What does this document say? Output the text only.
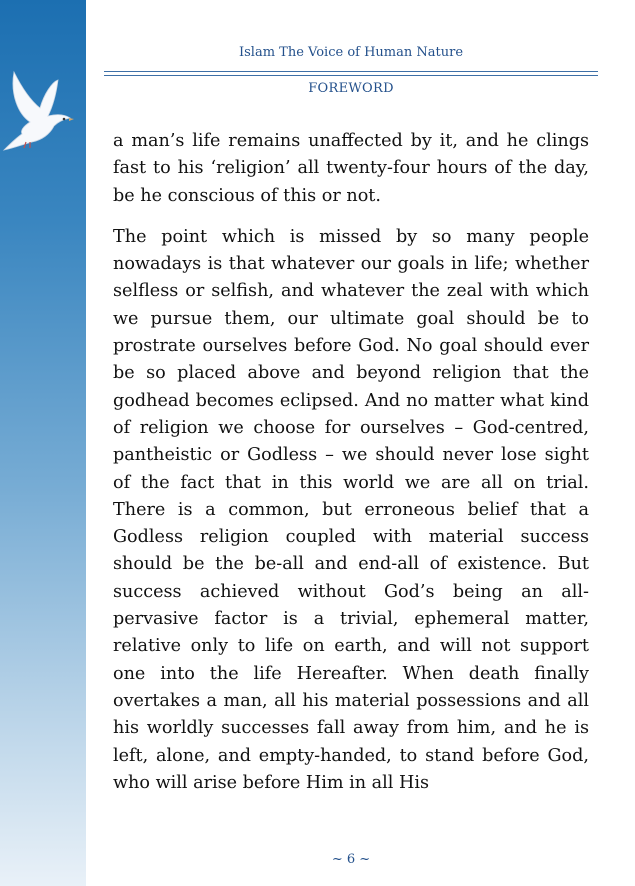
Islam The Voice of Human Nature
FOREWORD

a man’s life remains unaffected by it, and he clings fast to his ‘religion’ all twenty-four hours of the day, be he conscious of this or not.

The point which is missed by so many people nowadays is that whatever our goals in life; whether selfless or selfish, and whatever the zeal with which we pursue them, our ultimate goal should be to prostrate ourselves before God. No goal should ever be so placed above and beyond religion that the godhead becomes eclipsed. And no matter what kind of religion we choose for ourselves – God-centred, pantheistic or Godless – we should never lose sight of the fact that in this world we are all on trial. There is a common, but erroneous belief that a Godless religion coupled with material success should be the be-all and end-all of existence. But success achieved without God’s being an all-pervasive factor is a trivial, ephemeral matter, relative only to life on earth, and will not support one into the life Hereafter. When death finally overtakes a man, all his material possessions and all his worldly successes fall away from him, and he is left, alone, and empty-handed, to stand before God, who will arise before Him in all His

~ 6 ~
